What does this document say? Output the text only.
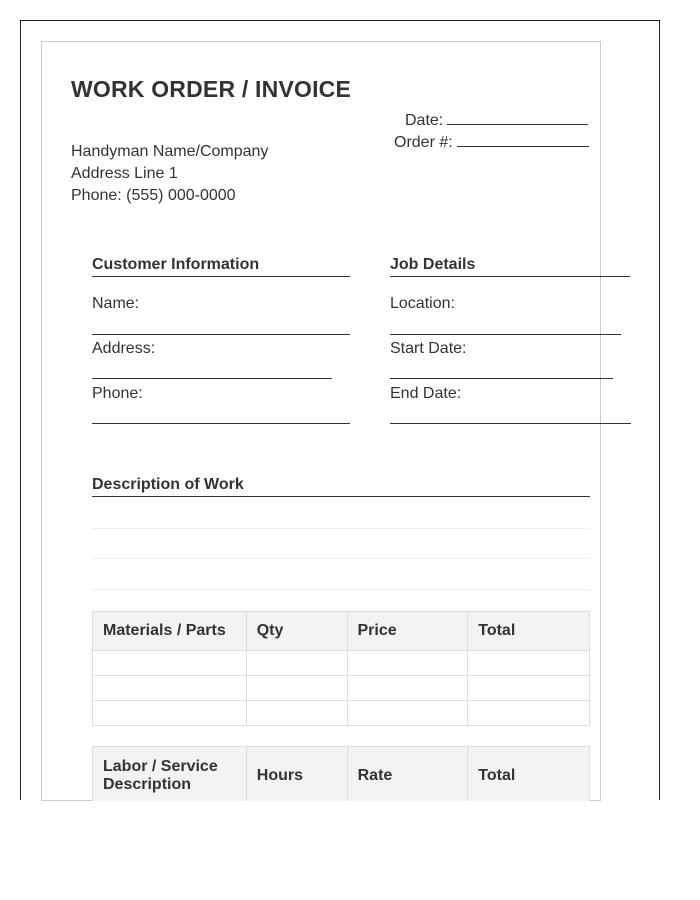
WORK ORDER / INVOICE
Date:
Order #:
Handyman Name/Company
Address Line 1
Phone: (555) 000-0000
Customer Information
Name:
Address:
Phone:
Job Details
Location:
Start Date:
End Date:
Description of Work
Materials / Parts	Qty	Price	Total

Labor / Service Description	Hours	Rate	Total
